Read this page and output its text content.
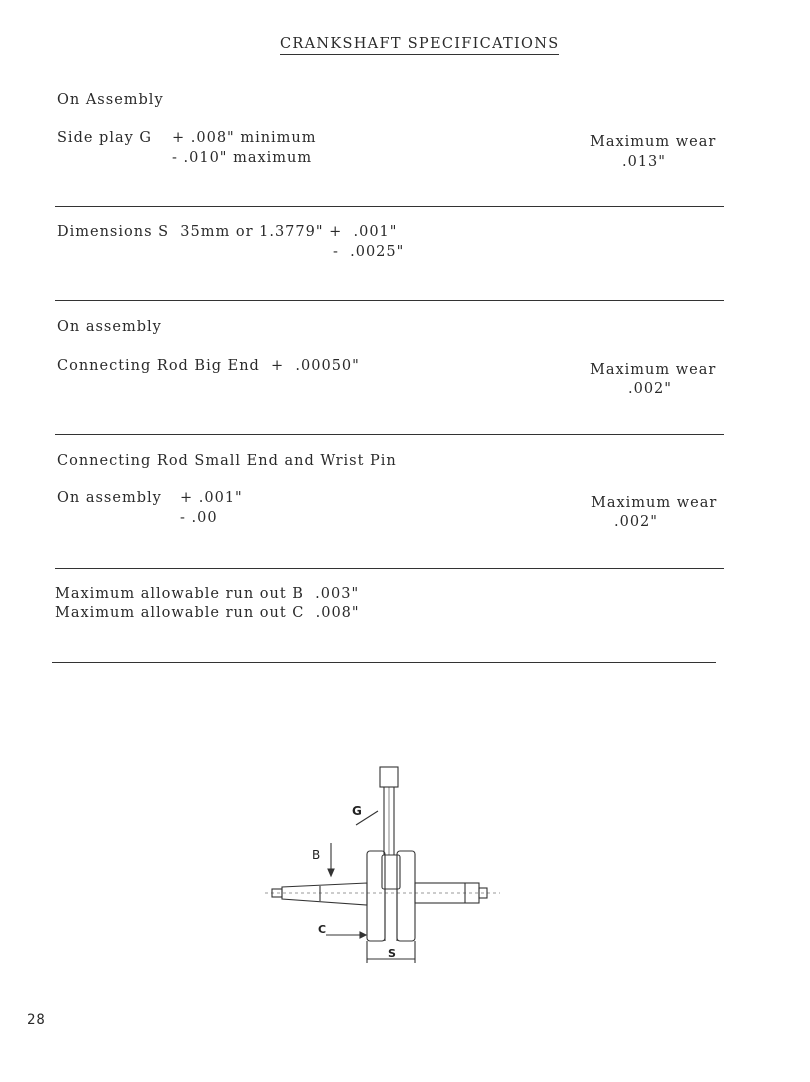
CRANKSHAFT SPECIFICATIONS
On Assembly
Side play G + .008" minimum
- .010" maximum
Maximum wear
.013"
Dimensions S  35mm or 1.3779" +  .001"
-  .0025"
On assembly
Connecting Rod Big End  +  .00050"	Maximum wear
.002"
Connecting Rod Small End and Wrist Pin
On assembly + .001"
- .00
Maximum wear
.002"
Maximum allowable run out B  .003"
Maximum allowable run out C  .008"
G
B
C
S
28
